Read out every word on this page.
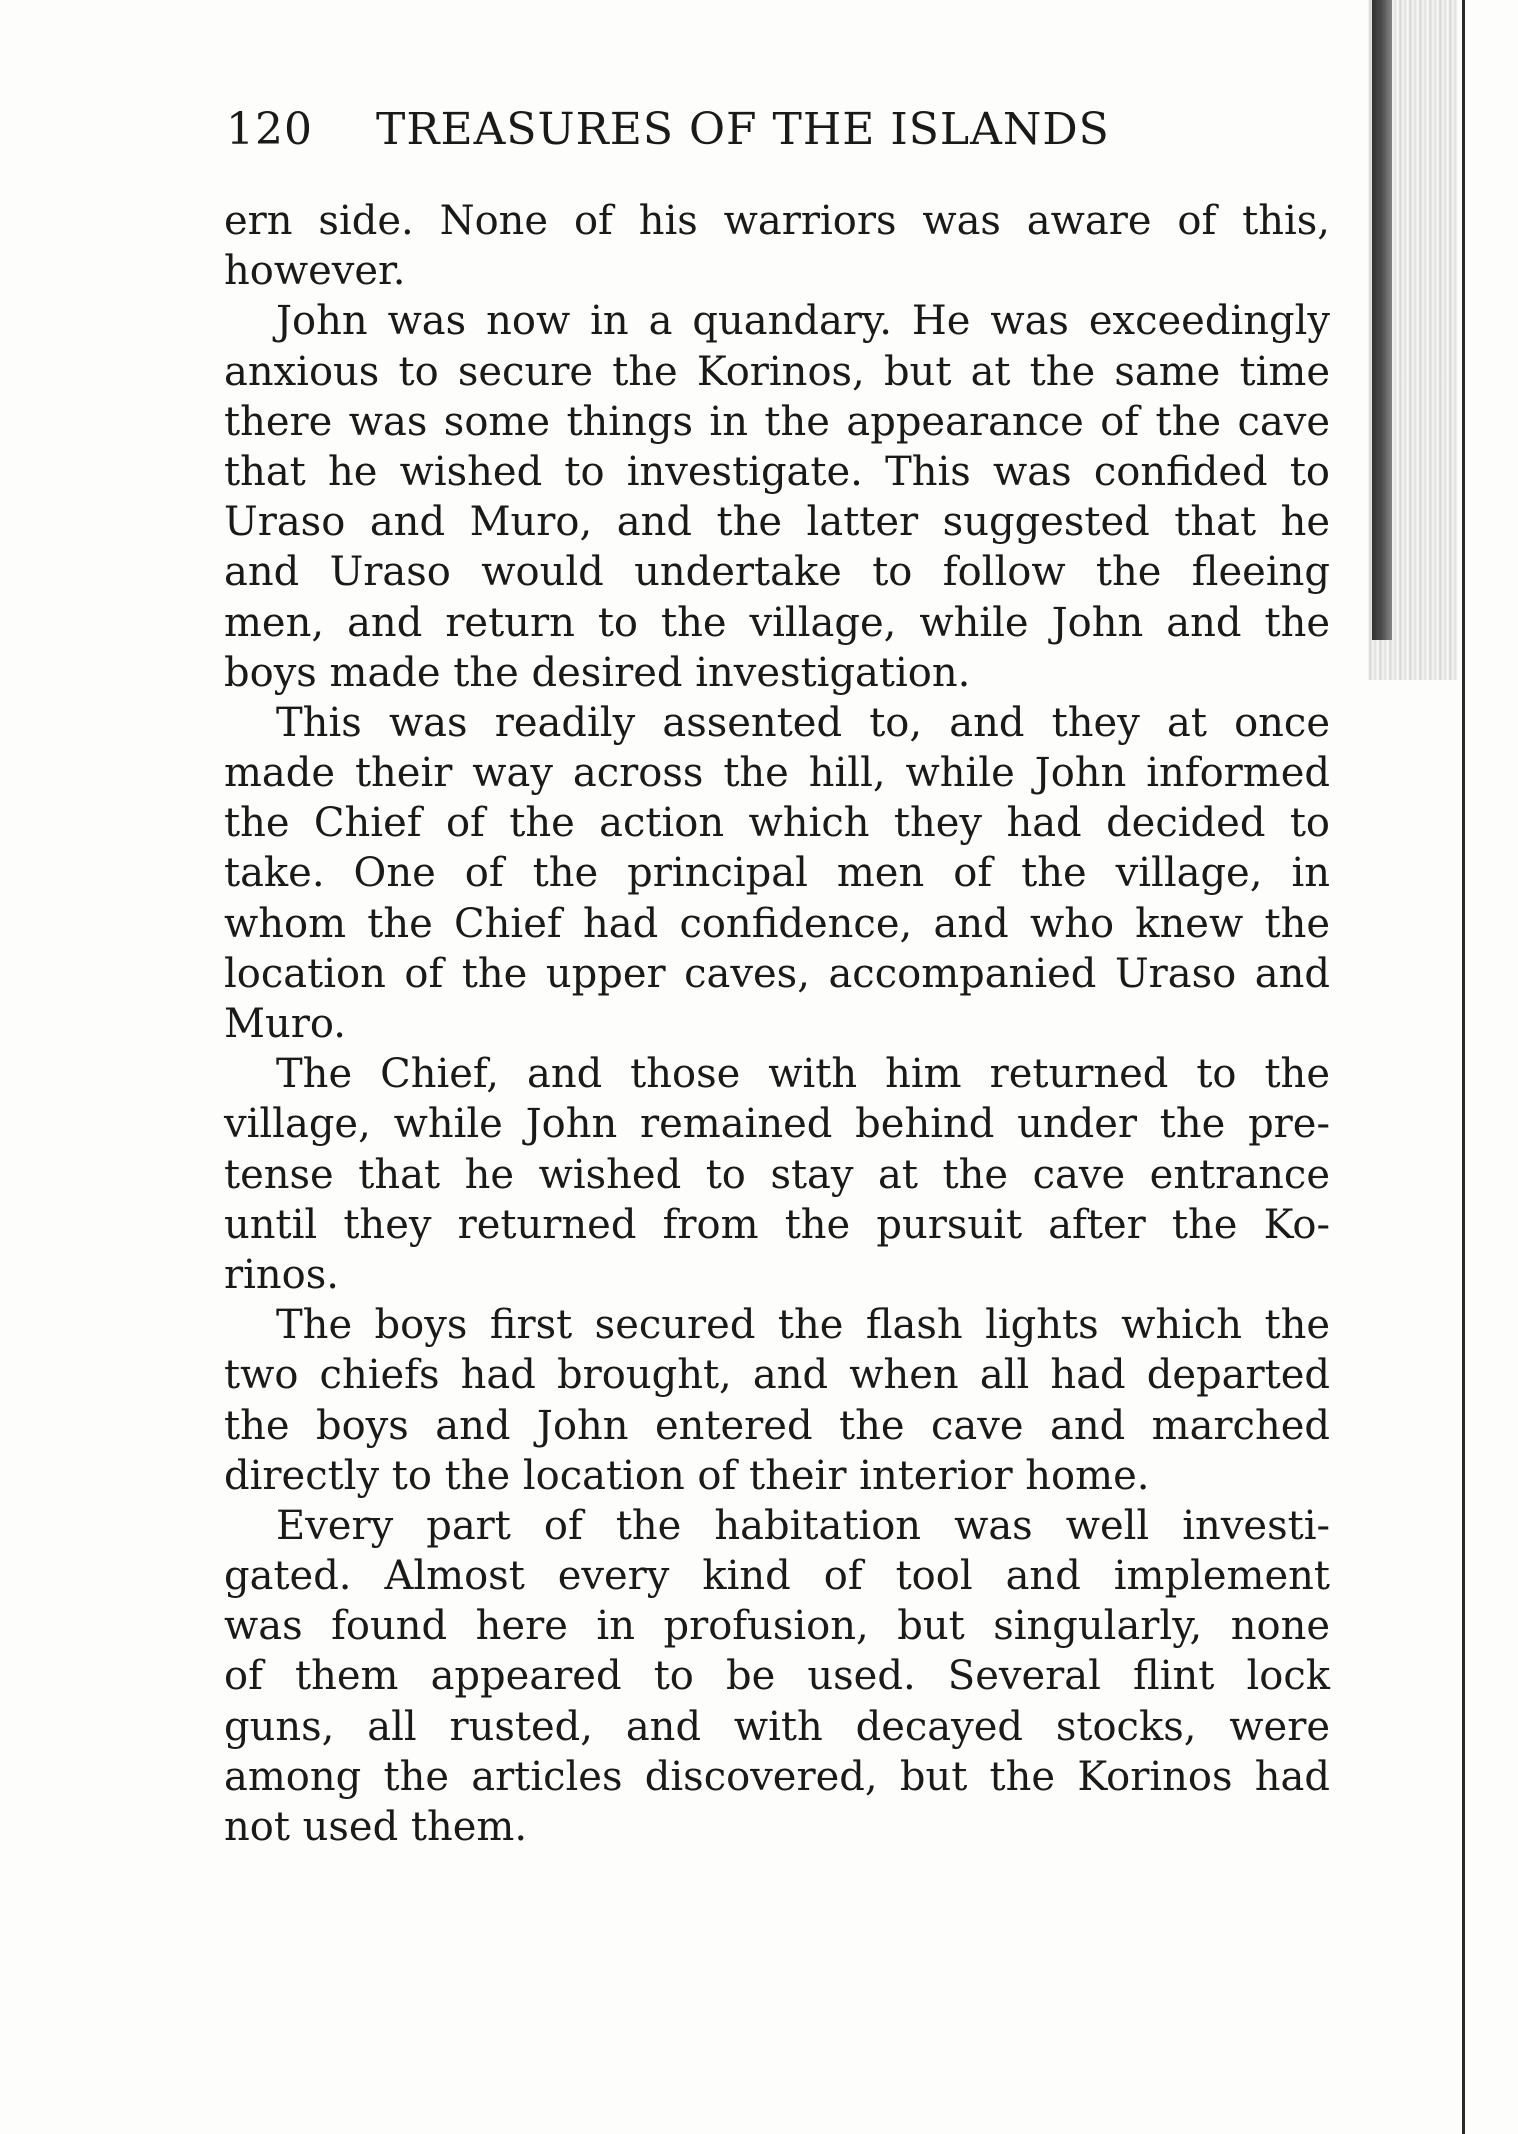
120 TREASURES OF THE ISLANDS
ern side. None of his warriors was aware of this,
however.
John was now in a quandary. He was exceedingly
anxious to secure the Korinos, but at the same time
there was some things in the appearance of the cave
that he wished to investigate. This was confided to
Uraso and Muro, and the latter suggested that he
and Uraso would undertake to follow the fleeing
men, and return to the village, while John and the
boys made the desired investigation.
This was readily assented to, and they at once
made their way across the hill, while John informed
the Chief of the action which they had decided to
take. One of the principal men of the village, in
whom the Chief had confidence, and who knew the
location of the upper caves, accompanied Uraso and
Muro.
The Chief, and those with him returned to the
village, while John remained behind under the pre-
tense that he wished to stay at the cave entrance
until they returned from the pursuit after the Ko-
rinos.
The boys first secured the flash lights which the
two chiefs had brought, and when all had departed
the boys and John entered the cave and marched
directly to the location of their interior home.
Every part of the habitation was well investi-
gated. Almost every kind of tool and implement
was found here in profusion, but singularly, none
of them appeared to be used. Several flint lock
guns, all rusted, and with decayed stocks, were
among the articles discovered, but the Korinos had
not used them.
